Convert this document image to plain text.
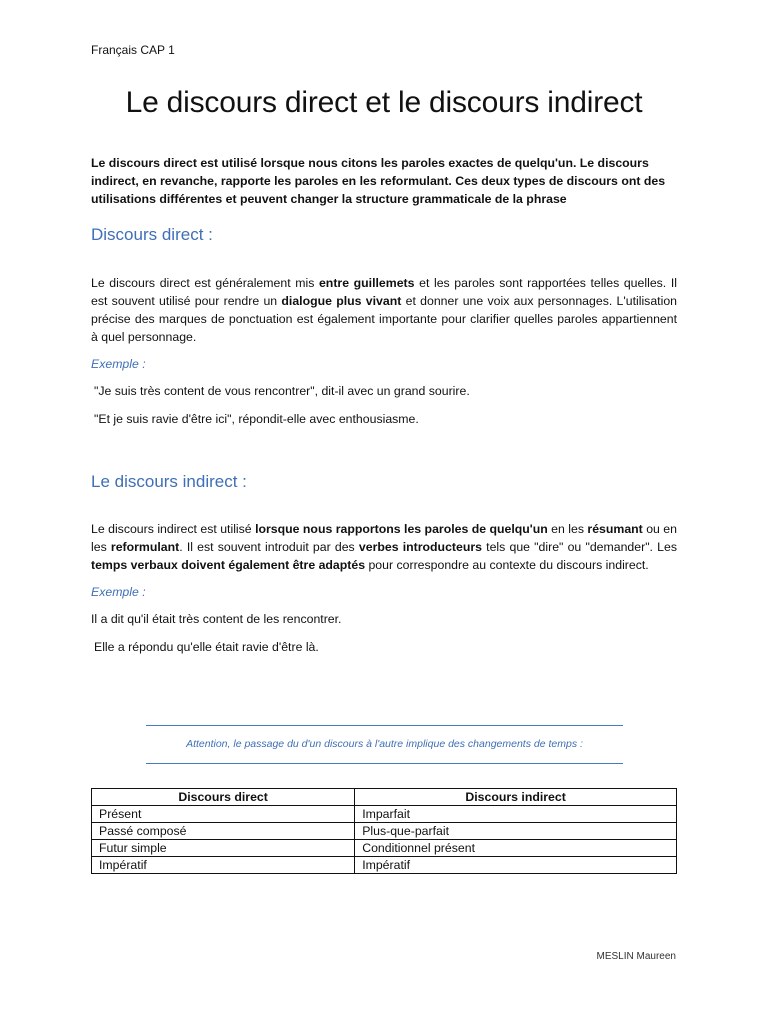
Français CAP 1
Le discours direct et le discours indirect

Le discours direct est utilisé lorsque nous citons les paroles exactes de quelqu'un. Le discours indirect, en revanche, rapporte les paroles en les reformulant. Ces deux types de discours ont des utilisations différentes et peuvent changer la structure grammaticale de la phrase

Discours direct :

Le discours direct est généralement mis entre guillemets et les paroles sont rapportées telles quelles. Il est souvent utilisé pour rendre un dialogue plus vivant et donner une voix aux personnages. L'utilisation précise des marques de ponctuation est également importante pour clarifier quelles paroles appartiennent à quel personnage.

Exemple :

"Je suis très content de vous rencontrer", dit-il avec un grand sourire.

"Et je suis ravie d'être ici", répondit-elle avec enthousiasme.

Le discours indirect :

Le discours indirect est utilisé lorsque nous rapportons les paroles de quelqu'un en les résumant ou en les reformulant. Il est souvent introduit par des verbes introducteurs tels que "dire" ou "demander". Les temps verbaux doivent également être adaptés pour correspondre au contexte du discours indirect.

Exemple :

Il a dit qu'il était très content de les rencontrer.

Elle a répondu qu'elle était ravie d'être là.

Attention, le passage du d'un discours à l'autre implique des changements de temps :
Discours direct	Discours indirect
Présent	Imparfait
Passé composé	Plus-que-parfait
Futur simple	Conditionnel présent
Impératif	Impératif
MESLIN Maureen
